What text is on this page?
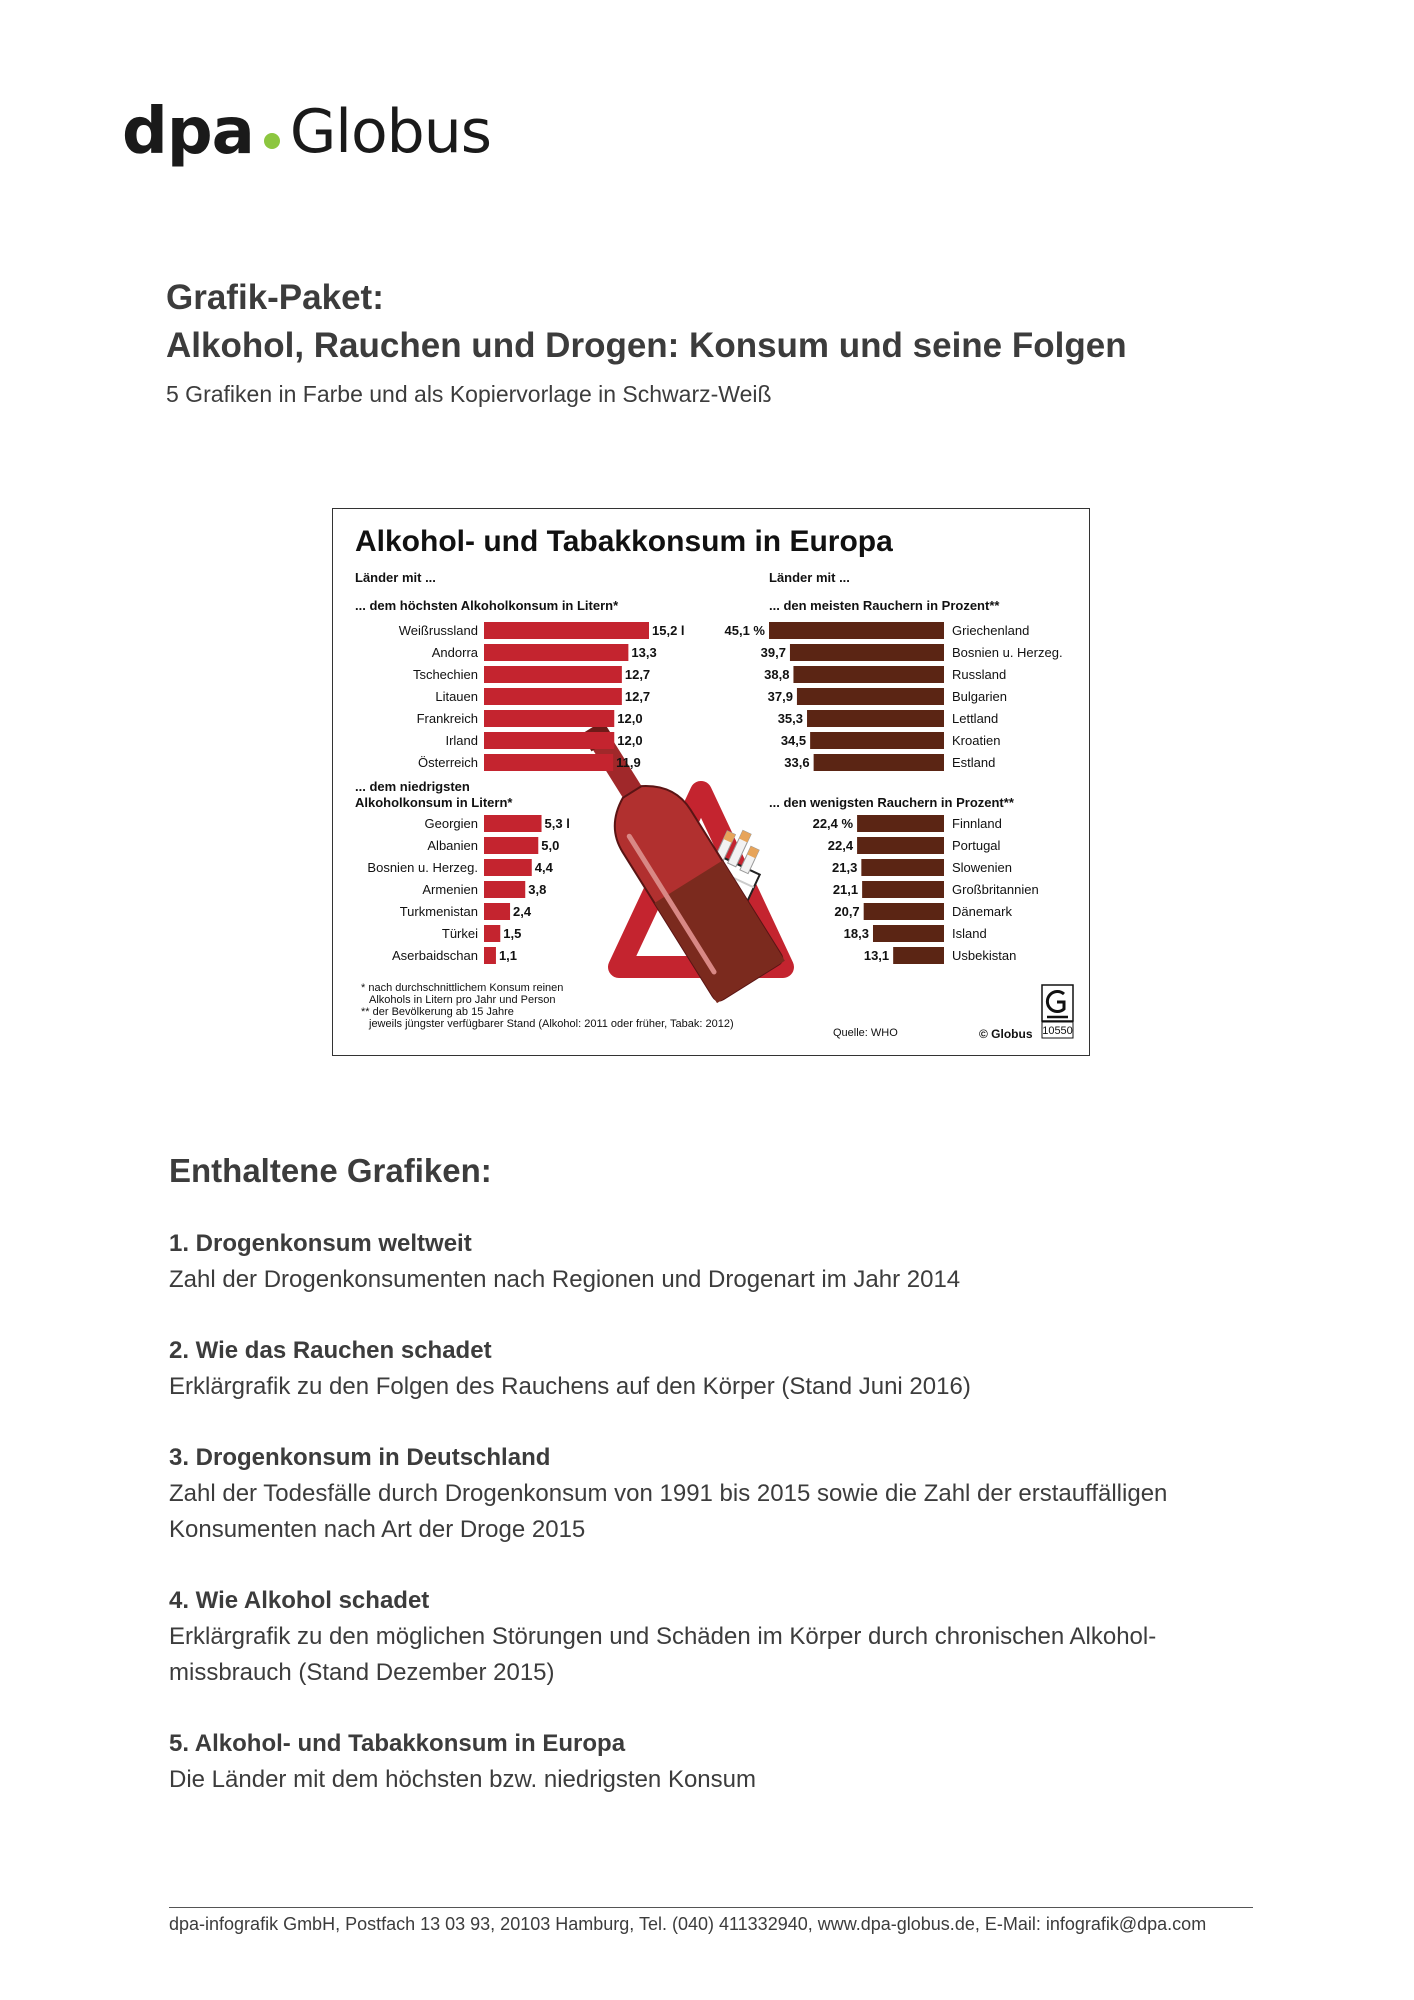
dpa Globus
Grafik-Paket:
Alkohol, Rauchen und Drogen: Konsum und seine Folgen
5 Grafiken in Farbe und als Kopiervorlage in Schwarz-Weiß
Alkohol- und Tabakkonsum in Europa
Länder mit ...	Länder mit ...
... dem höchsten Alkoholkonsum in Litern*
Weißrussland	15,2 l
Andorra	13,3
Tschechien	12,7
Litauen	12,7
Frankreich	12,0
Irland	12,0
Österreich	11,9
... dem niedrigsten
Alkoholkonsum in Litern*
Georgien	5,3 l
Albanien	5,0
Bosnien u. Herzeg.	4,4
Armenien	3,8
Turkmenistan	2,4
Türkei 1,5
Aserbaidschan 1,1
... den meisten Rauchern in Prozent**
45,1 %	Griechenland
39,7	Bosnien u. Herzeg.
38,8	Russland
37,9	Bulgarien
35,3	Lettland
34,5	Kroatien
33,6	Estland
... den wenigsten Rauchern in Prozent**
22,4 %	Finnland
22,4	Portugal
21,3	Slowenien
21,1	Großbritannien
20,7	Dänemark
18,3	Island
13,1	Usbekistan
* nach durchschnittlichem Konsum reinen
Alkohols in Litern pro Jahr und Person
** der Bevölkerung ab 15 Jahre
jeweils jüngster verfügbarer Stand (Alkohol: 2011 oder früher, Tabak: 2012)
Quelle: WHO	© Globus 10550
Enthaltene Grafiken:
1. Drogenkonsum weltweit
Zahl der Drogenkonsumenten nach Regionen und Drogenart im Jahr 2014
2. Wie das Rauchen schadet
Erklärgrafik zu den Folgen des Rauchens auf den Körper (Stand Juni 2016)
3. Drogenkonsum in Deutschland
Zahl der Todesfälle durch Drogenkonsum von 1991 bis 2015 sowie die Zahl der erstauffälligen Konsumenten nach Art der Droge 2015
4. Wie Alkohol schadet
Erklärgrafik zu den möglichen Störungen und Schäden im Körper durch chronischen Alkohol-missbrauch (Stand Dezember 2015)
5. Alkohol- und Tabakkonsum in Europa
Die Länder mit dem höchsten bzw. niedrigsten Konsum
dpa-infografik GmbH, Postfach 13 03 93, 20103 Hamburg, Tel. (040) 411332940, www.dpa-globus.de, E-Mail: infografik@dpa.com
